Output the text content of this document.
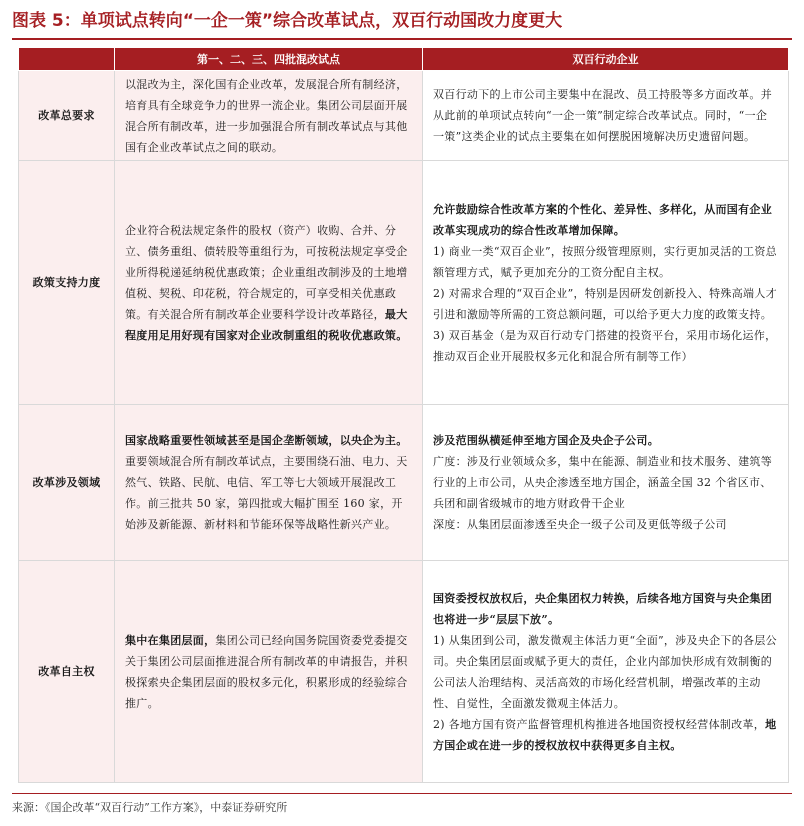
图表 5：单项试点转向“一企一策”综合改革试点，双百行动国改力度更大
	第一、二、三、四批混改试点	双百行动企业
改革总要求	以混改为主，深化国有企业改革，发展混合所有制经济，培育具有全球竞争力的世界一流企业。集团公司层面开展混合所有制改革，进一步加强混合所有制改革试点与其他国有企业改革试点之间的联动。	双百行动下的上市公司主要集中在混改、员工持股等多方面改革。并从此前的单项试点转向“一企一策”制定综合改革试点。同时，“一企一策”这类企业的试点主要集在如何摆脱困境解决历史遗留问题。
政策支持力度	企业符合税法规定条件的股权（资产）收购、合并、分立、债务重组、债转股等重组行为，可按税法规定享受企业所得税递延纳税优惠政策；企业重组改制涉及的土地增值税、契税、印花税，符合规定的，可享受相关优惠政策。有关混合所有制改革企业要科学设计改革路径，最大程度用足用好现有国家对企业改制重组的税收优惠政策。	允许鼓励综合性改革方案的个性化、差异性、多样化，从而国有企业改革实现成功的综合性改革增加保障。
1) 商业一类“双百企业”，按照分级管理原则，实行更加灵活的工资总额管理方式，赋予更加充分的工资分配自主权。
2) 对需求合理的“双百企业”，特别是因研发创新投入、特殊高端人才引进和激励等所需的工资总额问题，可以给予更大力度的政策支持。
3) 双百基金（是为双百行动专门搭建的投资平台，采用市场化运作，推动双百企业开展股权多元化和混合所有制等工作）

改革涉及领域	国家战略重要性领域甚至是国企垄断领域，以央企为主。重要领域混合所有制改革试点，主要围绕石油、电力、天然气、铁路、民航、电信、军工等七大领域开展混改工作。前三批共 50 家，第四批或大幅扩围至 160 家，开始涉及新能源、新材料和节能环保等战略性新兴产业。	涉及范围纵横延伸至地方国企及央企子公司。
广度：涉及行业领域众多，集中在能源、制造业和技术服务、建筑等行业的上市公司，从央企渗透至地方国企，涵盖全国 32 个省区市、兵团和副省级城市的地方财政骨干企业
深度：从集团层面渗透至央企一级子公司及更低等级子公司

改革自主权	集中在集团层面，集团公司已经向国务院国资委党委提交关于集团公司层面推进混合所有制改革的申请报告，并积极探索央企集团层面的股权多元化，积累形成的经验综合推广。	国资委授权放权后，央企集团权力转换，后续各地方国资与央企集团也将进一步“层层下放”。
1) 从集团到公司，激发微观主体活力更“全面”，涉及央企下的各层公司。央企集团层面或赋予更大的责任，企业内部加快形成有效制衡的公司法人治理结构、灵活高效的市场化经营机制，增强改革的主动性、自觉性，全面激发微观主体活力。
2) 各地方国有资产监督管理机构推进各地国资授权经营体制改革，地方国企或在进一步的授权放权中获得更多自主权。
来源：《国企改革“双百行动”工作方案》，中泰证券研究所
